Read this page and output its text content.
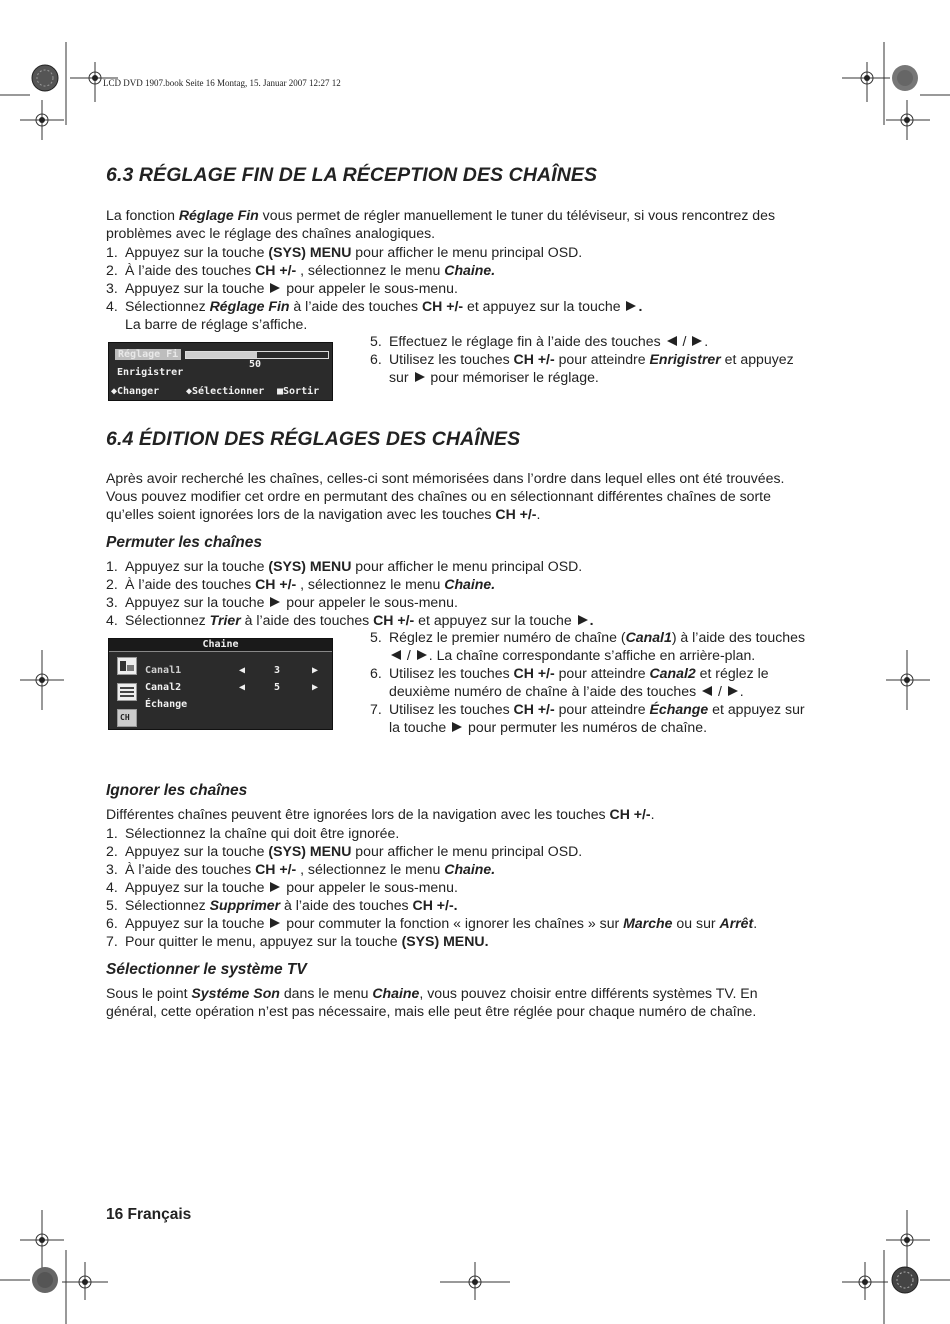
LCD DVD 1907.book Seite 16 Montag, 15. Januar 2007 12:27 12
6.3 RÉGLAGE FIN DE LA RÉCEPTION DES CHAÎNES
La fonction Réglage Fin vous permet de régler manuellement le tuner du téléviseur, si vous rencontrez des problèmes avec le réglage des chaînes analogiques.
1. Appuyez sur la touche (SYS) MENU pour afficher le menu principal OSD.
2. À l’aide des touches CH +/- , sélectionnez le menu Chaine.
3. Appuyez sur la touche  pour appeler le sous-menu.
4. Sélectionnez Réglage Fin à l’aide des touches CH +/- et appuyez sur la touche .
La barre de réglage s’affiche.
5. Effectuez le réglage fin à l’aide des touches  / .
6. Utilisez les touches CH +/- pour atteindre Enrigistrer et appuyez sur  pour mémoriser le réglage.
Réglage Fi
50
Enrigistrer
◆Changer	◆Sélectionner ■Sortir
6.4 ÉDITION DES RÉGLAGES DES CHAÎNES
Après avoir recherché les chaînes, celles-ci sont mémorisées dans l’ordre dans lequel elles ont été trouvées. Vous pouvez modifier cet ordre en permutant des chaînes ou en sélectionnant différentes chaînes de sorte qu’elles soient ignorées lors de la navigation avec les touches CH +/-.
Permuter les chaînes
1. Appuyez sur la touche (SYS) MENU pour afficher le menu principal OSD.
2. À l’aide des touches CH +/- , sélectionnez le menu Chaine.
3. Appuyez sur la touche  pour appeler le sous-menu.
4. Sélectionnez Trier à l’aide des touches CH +/- et appuyez sur la touche .
5. Réglez le premier numéro de chaîne (Canal1) à l’aide des touches  / . La chaîne correspondante s’affiche en arrière-plan.
6. Utilisez les touches CH +/- pour atteindre Canal2 et réglez le deuxième numéro de chaîne à l’aide des touches  / .
7. Utilisez les touches CH +/- pour atteindre Échange et appuyez sur la touche  pour permuter les numéros de chaîne.
Chaine
CH
Canal1	◀	3	▶
Canal2	◀	5	▶
Échange
Ignorer les chaînes
Différentes chaînes peuvent être ignorées lors de la navigation avec les touches CH +/-.
1. Sélectionnez la chaîne qui doit être ignorée.
2. Appuyez sur la touche (SYS) MENU pour afficher le menu principal OSD.
3. À l’aide des touches CH +/- , sélectionnez le menu Chaine.
4. Appuyez sur la touche  pour appeler le sous-menu.
5. Sélectionnez Supprimer à l’aide des touches CH +/-.
6. Appuyez sur la touche  pour commuter la fonction « ignorer les chaînes » sur Marche ou sur Arrêt.
7. Pour quitter le menu, appuyez sur la touche (SYS) MENU.
Sélectionner le système TV
Sous le point Systéme Son dans le menu Chaine, vous pouvez choisir entre différents systèmes TV. En général, cette opération n’est pas nécessaire, mais elle peut être réglée pour chaque numéro de chaîne.
16 Français
